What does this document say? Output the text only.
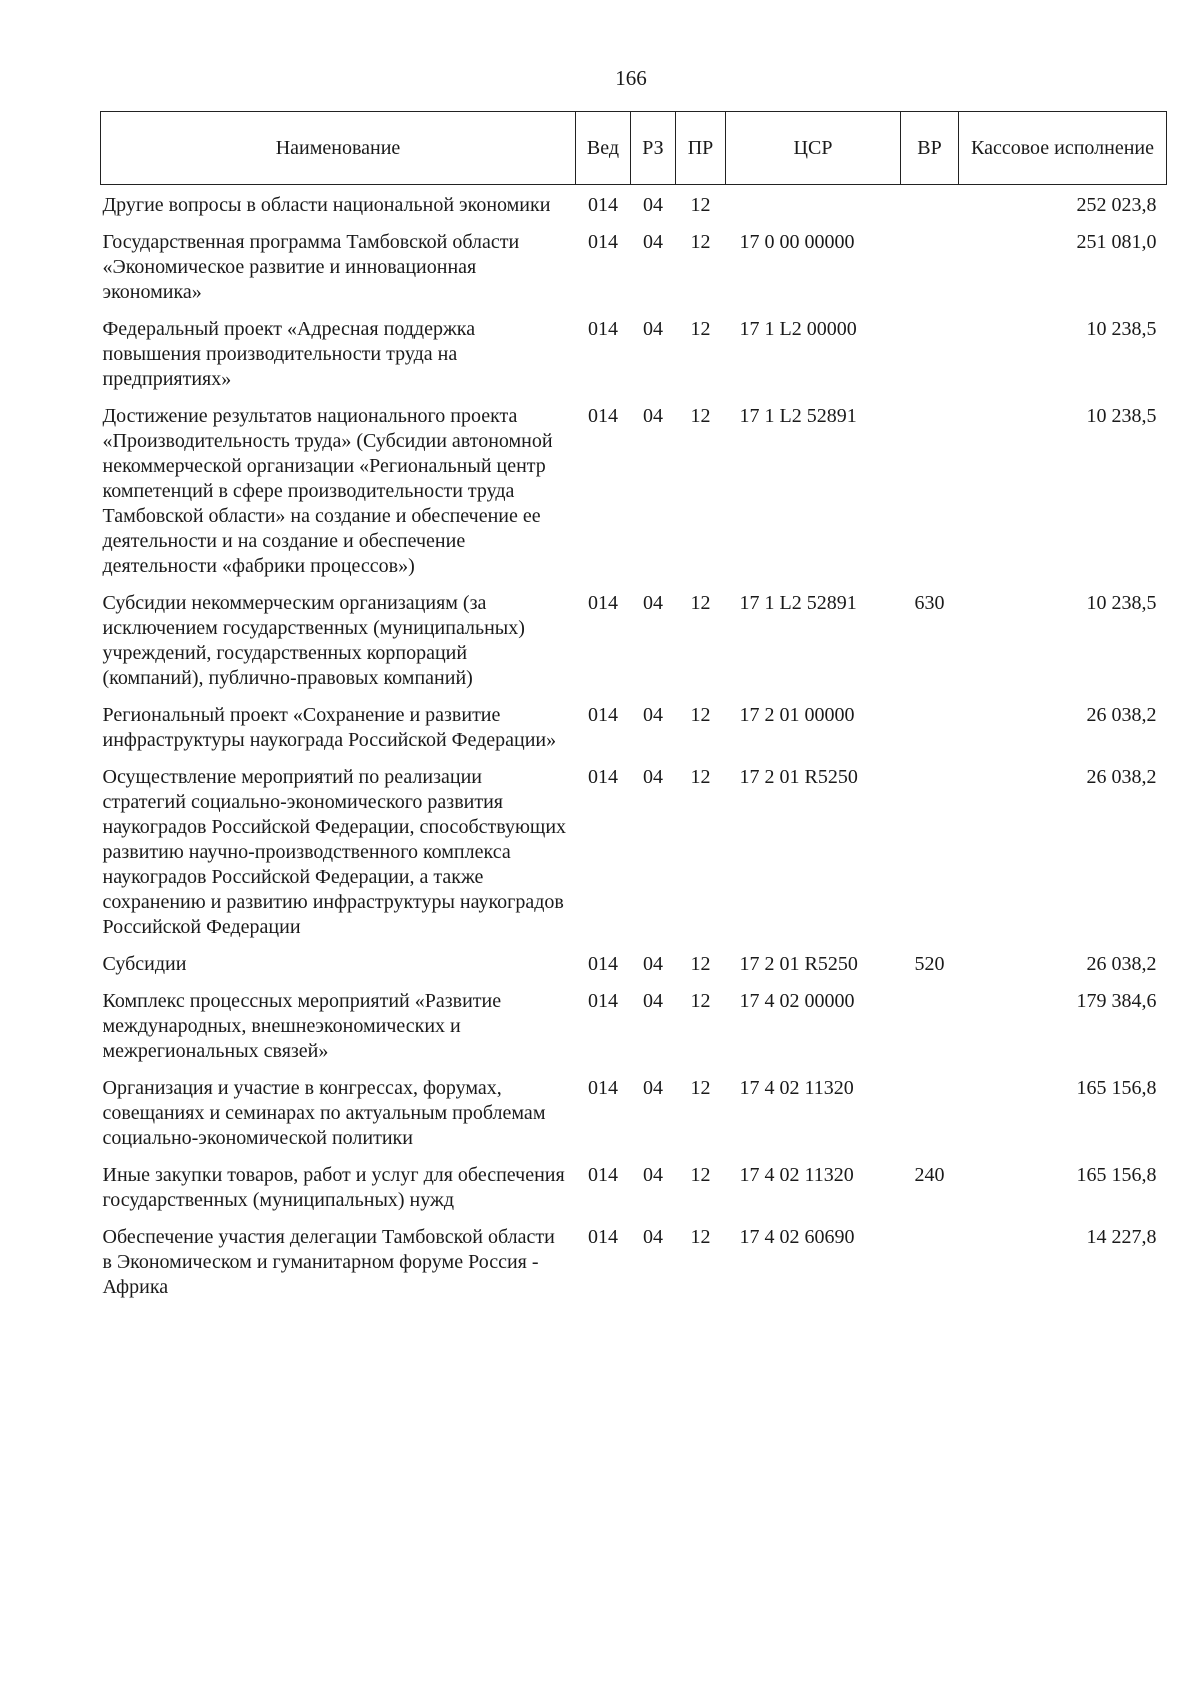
166
Наименование	Вед	РЗ	ПР	ЦСР	ВР	Кассовое исполнение
Другие вопросы в области национальной экономики	014	04	12			252 023,8
Государственная программа Тамбовской области «Экономическое развитие и инновационная экономика»	014	04	12	17 0 00 00000		251 081,0
Федеральный проект «Адресная поддержка повышения производительности труда на предприятиях»	014	04	12	17 1 L2 00000		10 238,5
Достижение результатов национального проекта «Производительность труда» (Субсидии автономной некоммерческой организации «Региональный центр компетенций в сфере производительности труда Тамбовской области» на создание и обеспечение ее деятельности и на создание и обеспечение деятельности «фабрики процессов»)	014	04	12	17 1 L2 52891		10 238,5
Субсидии некоммерческим организациям (за исключением государственных (муниципальных) учреждений, государственных корпораций (компаний), публично-правовых компаний)	014	04	12	17 1 L2 52891	630	10 238,5
Региональный проект «Сохранение и развитие инфраструктуры наукограда Российской Федерации»	014	04	12	17 2 01 00000		26 038,2
Осуществление мероприятий по реализации стратегий социально-экономического развития наукоградов Российской Федерации, способствующих развитию научно-производственного комплекса наукоградов Российской Федерации, а также сохранению и развитию инфраструктуры наукоградов Российской Федерации	014	04	12	17 2 01 R5250		26 038,2
Субсидии	014	04	12	17 2 01 R5250	520	26 038,2
Комплекс процессных мероприятий «Развитие международных, внешнеэкономических и межрегиональных связей»	014	04	12	17 4 02 00000		179 384,6
Организация и участие в конгрессах, форумах, совещаниях и семинарах по актуальным проблемам социально-экономической политики	014	04	12	17 4 02 11320		165 156,8
Иные закупки товаров, работ и услуг для обеспечения государственных (муниципальных) нужд	014	04	12	17 4 02 11320	240	165 156,8
Обеспечение участия делегации Тамбовской области в Экономическом и гуманитарном форуме Россия - Африка	014	04	12	17 4 02 60690		14 227,8
